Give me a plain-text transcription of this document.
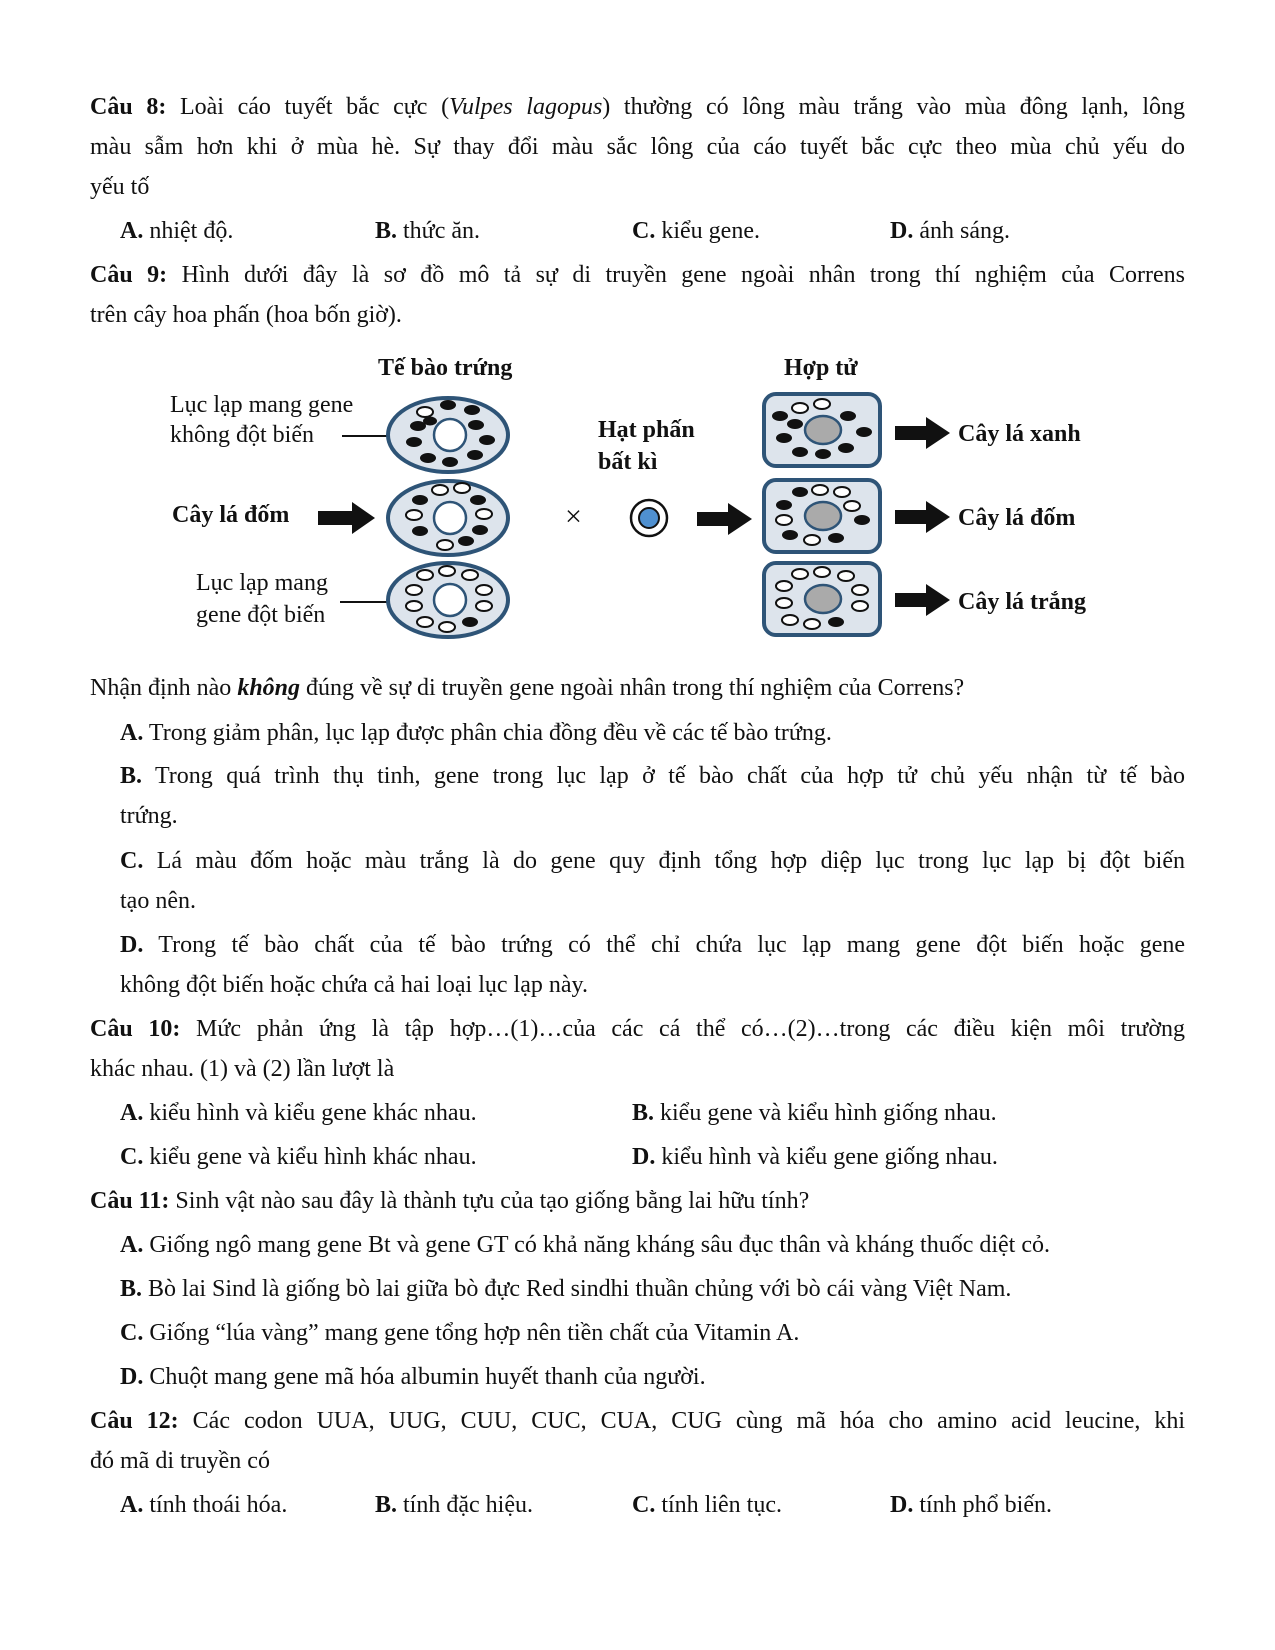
Câu 8: Loài cáo tuyết bắc cực (Vulpes lagopus) thường có lông màu trắng vào mùa đông lạnh, lông
màu sẫm hơn khi ở mùa hè. Sự thay đổi màu sắc lông của cáo tuyết bắc cực theo mùa chủ yếu do
yếu tố
A. nhiệt độ.	B. thức ăn.	C. kiểu gene.	D. ánh sáng.
Câu 9: Hình dưới đây là sơ đồ mô tả sự di truyền gene ngoài nhân trong thí nghiệm của Correns
trên cây hoa phấn (hoa bốn giờ).
Tế bào trứng	Hợp tử
Lục lạp mang gene
không đột biến
Cây lá đốm
Lục lạp mang
gene đột biến
Hạt phấn
bất kì
×
Cây lá xanh
Cây lá đốm
Cây lá trắng
Nhận định nào không đúng về sự di truyền gene ngoài nhân trong thí nghiệm của Correns?
A. Trong giảm phân, lục lạp được phân chia đồng đều về các tế bào trứng.
B. Trong quá trình thụ tinh, gene trong lục lạp ở tế bào chất của hợp tử chủ yếu nhận từ tế bào
trứng.
C. Lá màu đốm hoặc màu trắng là do gene quy định tổng hợp diệp lục trong lục lạp bị đột biến
tạo nên.
D. Trong tế bào chất của tế bào trứng có thể chỉ chứa lục lạp mang gene đột biến hoặc gene
không đột biến hoặc chứa cả hai loại lục lạp này.
Câu 10: Mức phản ứng là tập hợp…(1)…của các cá thể có…(2)…trong các điều kiện môi trường
khác nhau. (1) và (2) lần lượt là
A. kiểu hình và kiểu gene khác nhau.	B. kiểu gene và kiểu hình giống nhau.
C. kiểu gene và kiểu hình khác nhau.	D. kiểu hình và kiểu gene giống nhau.
Câu 11: Sinh vật nào sau đây là thành tựu của tạo giống bằng lai hữu tính?
A. Giống ngô mang gene Bt và gene GT có khả năng kháng sâu đục thân và kháng thuốc diệt cỏ.
B. Bò lai Sind là giống bò lai giữa bò đực Red sindhi thuần chủng với bò cái vàng Việt Nam.
C. Giống “lúa vàng” mang gene tổng hợp nên tiền chất của Vitamin A.
D. Chuột mang gene mã hóa albumin huyết thanh của người.
Câu 12: Các codon UUA, UUG, CUU, CUC, CUA, CUG cùng mã hóa cho amino acid leucine, khi
đó mã di truyền có
A. tính thoái hóa.	B. tính đặc hiệu.	C. tính liên tục.	D. tính phổ biến.
